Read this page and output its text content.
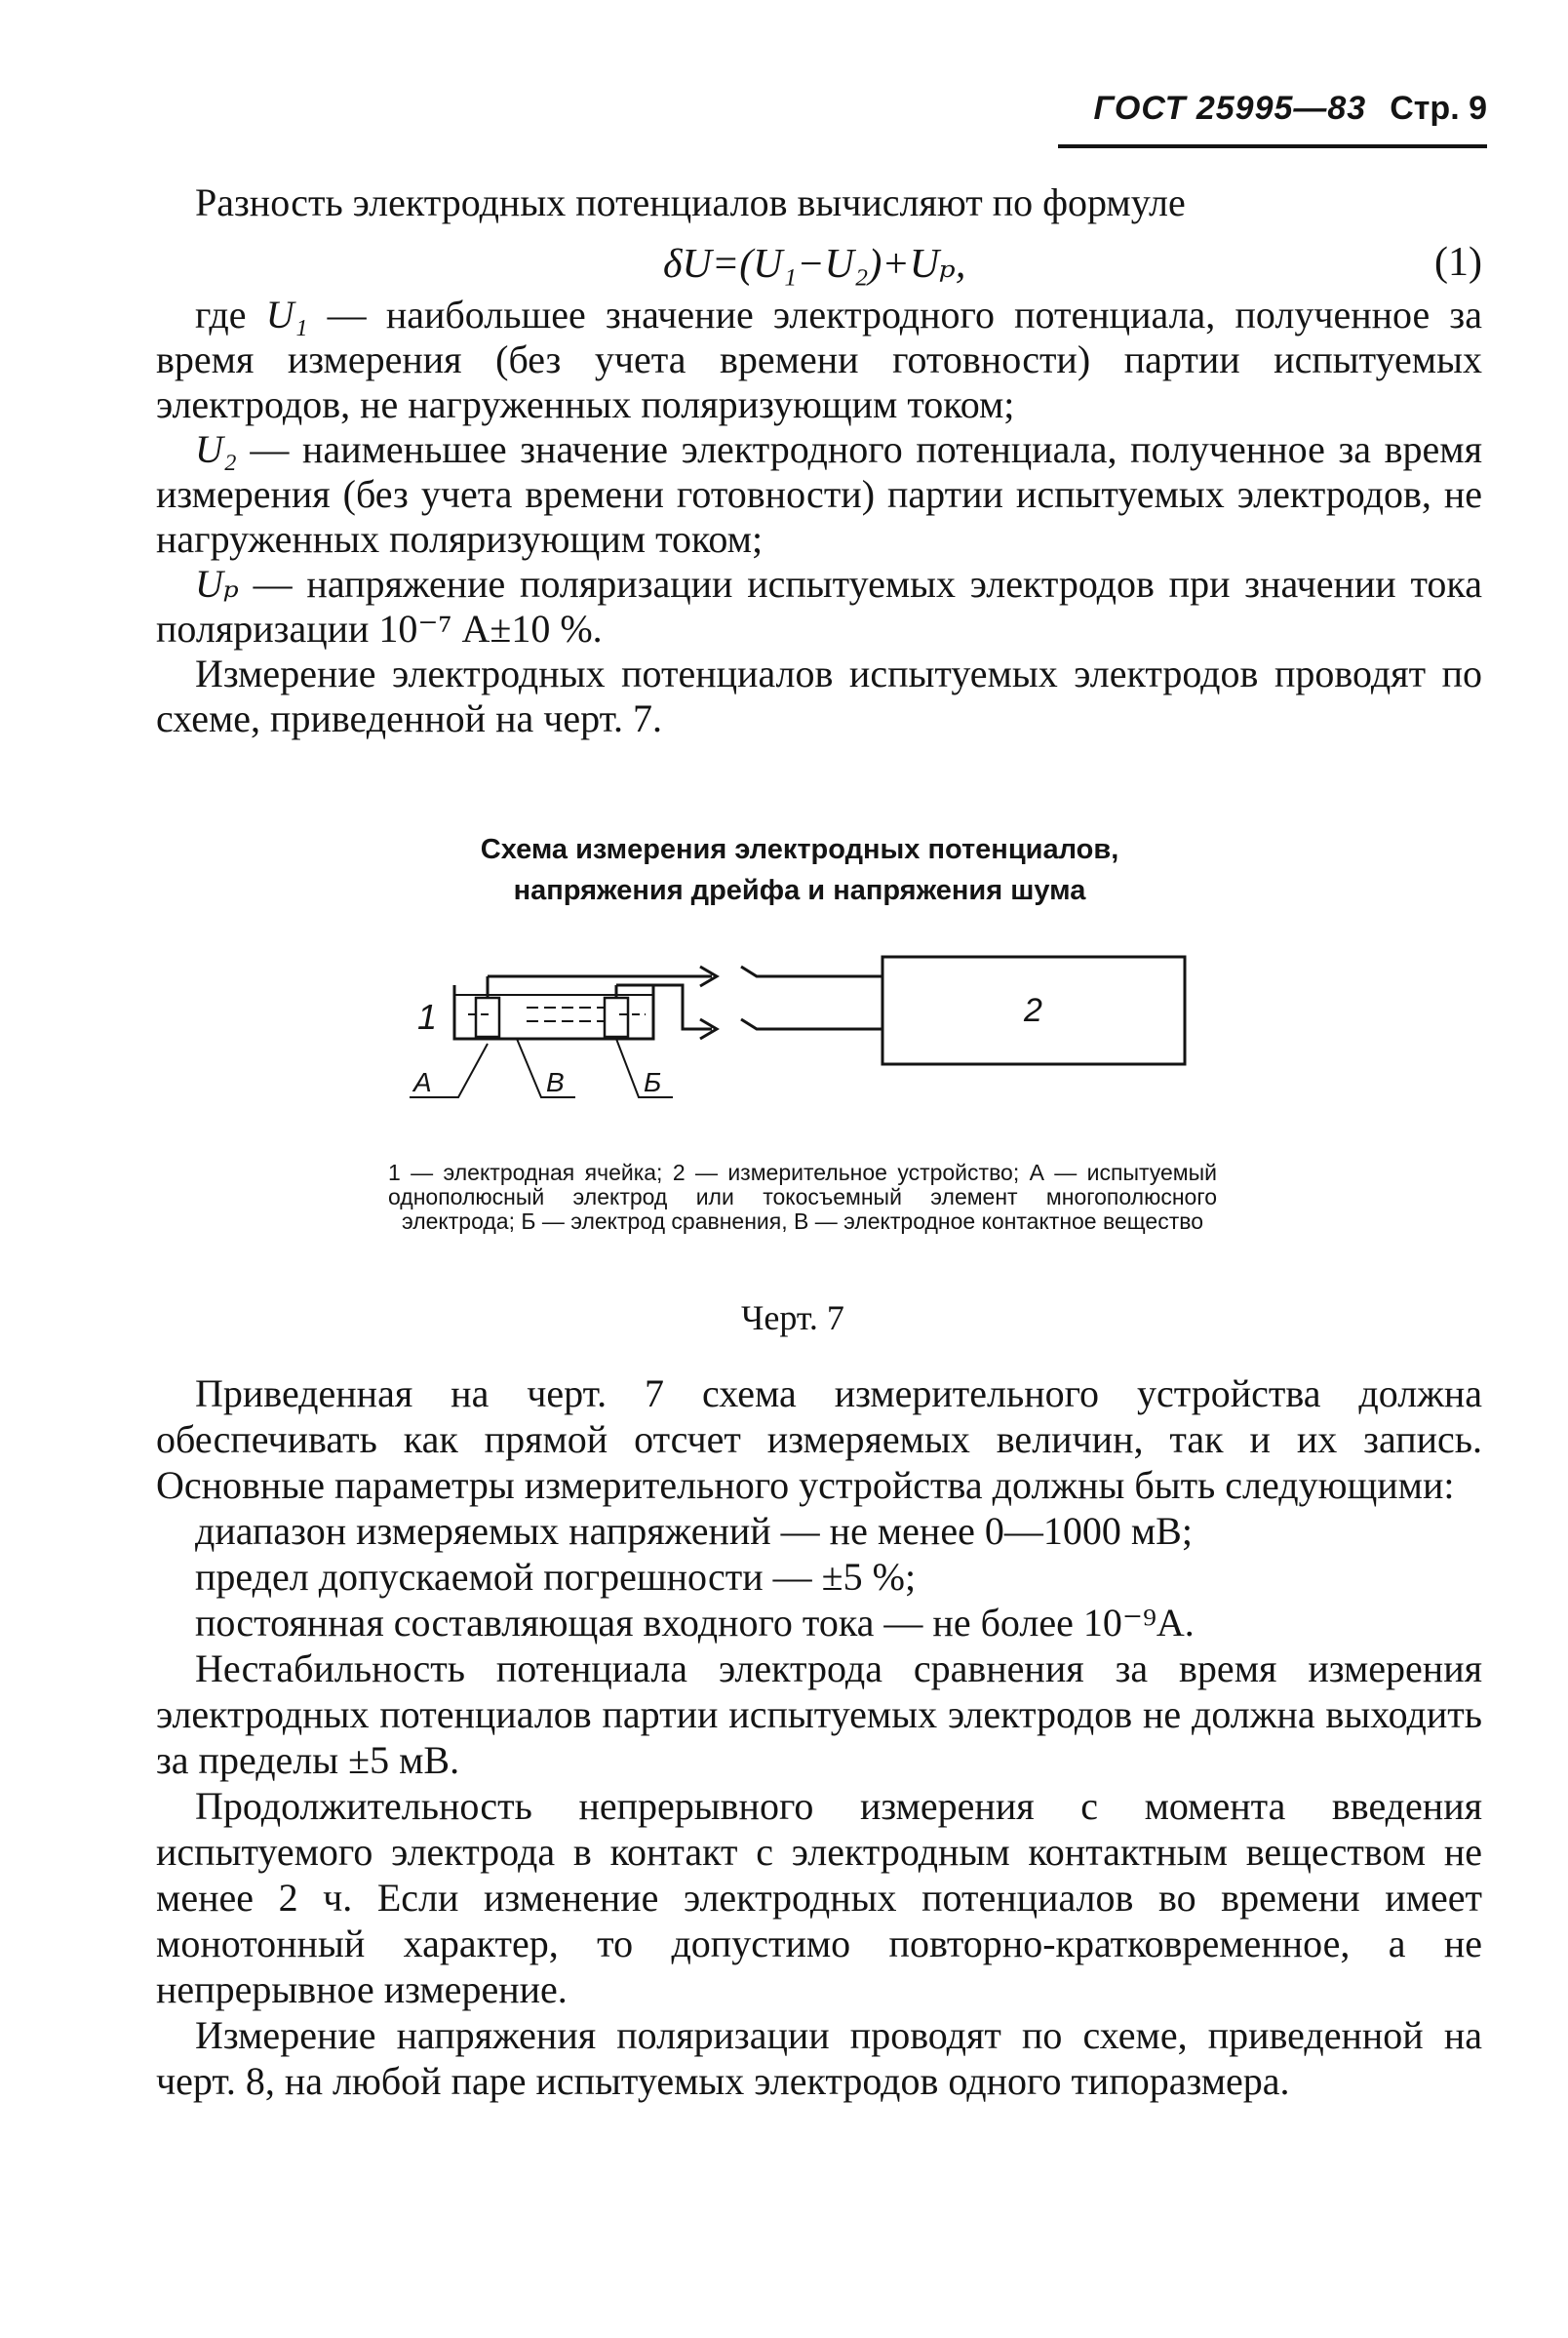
ГОСТ 25995—83 Стр. 9

Разность электродных потенциалов вычисляют по формуле

δU=(U₁−U₂)+Uₚ,	(1)

где U₁ — наибольшее значение электродного потенциала, полученное за время измерения (без учета времени готовности) партии испытуемых электродов, не нагруженных поляризующим током;

U₂ — наименьшее значение электродного потенциала, полученное за время измерения (без учета времени готовности) партии испытуемых электродов, не нагруженных поляризующим током;

Uₚ — напряжение поляризации испытуемых электродов при значении тока поляризации 10⁻⁷ А±10 %.

Измерение электродных потенциалов испытуемых электродов проводят по схеме, приведенной на черт. 7.

Схема измерения электродных потенциалов,
напряжения дрейфа и напряжения шума
1	2
А	В	Б

1 — электродная ячейка; 2 — измерительное устройство; А — испытуемый однополюсный электрод или токосъемный элемент многополюсного электрода; Б — электрод сравнения, В — электродное контактное вещество

Черт. 7

Приведенная на черт. 7 схема измерительного устройства должна обеспечивать как прямой отсчет измеряемых величин, так и их запись. Основные параметры измерительного устройства должны быть следующими:

диапазон измеряемых напряжений — не менее 0—1000 мВ;

предел допускаемой погрешности — ±5 %;

постоянная составляющая входного тока — не более 10⁻⁹А.

Нестабильность потенциала электрода сравнения за время измерения электродных потенциалов партии испытуемых электродов не должна выходить за пределы ±5 мВ.

Продолжительность непрерывного измерения с момента введения испытуемого электрода в контакт с электродным контактным веществом не менее 2 ч. Если изменение электродных потенциалов во времени имеет монотонный характер, то допустимо повторно-кратковременное, а не непрерывное измерение.

Измерение напряжения поляризации проводят по схеме, приведенной на черт. 8, на любой паре испытуемых электродов одного типоразмера.
